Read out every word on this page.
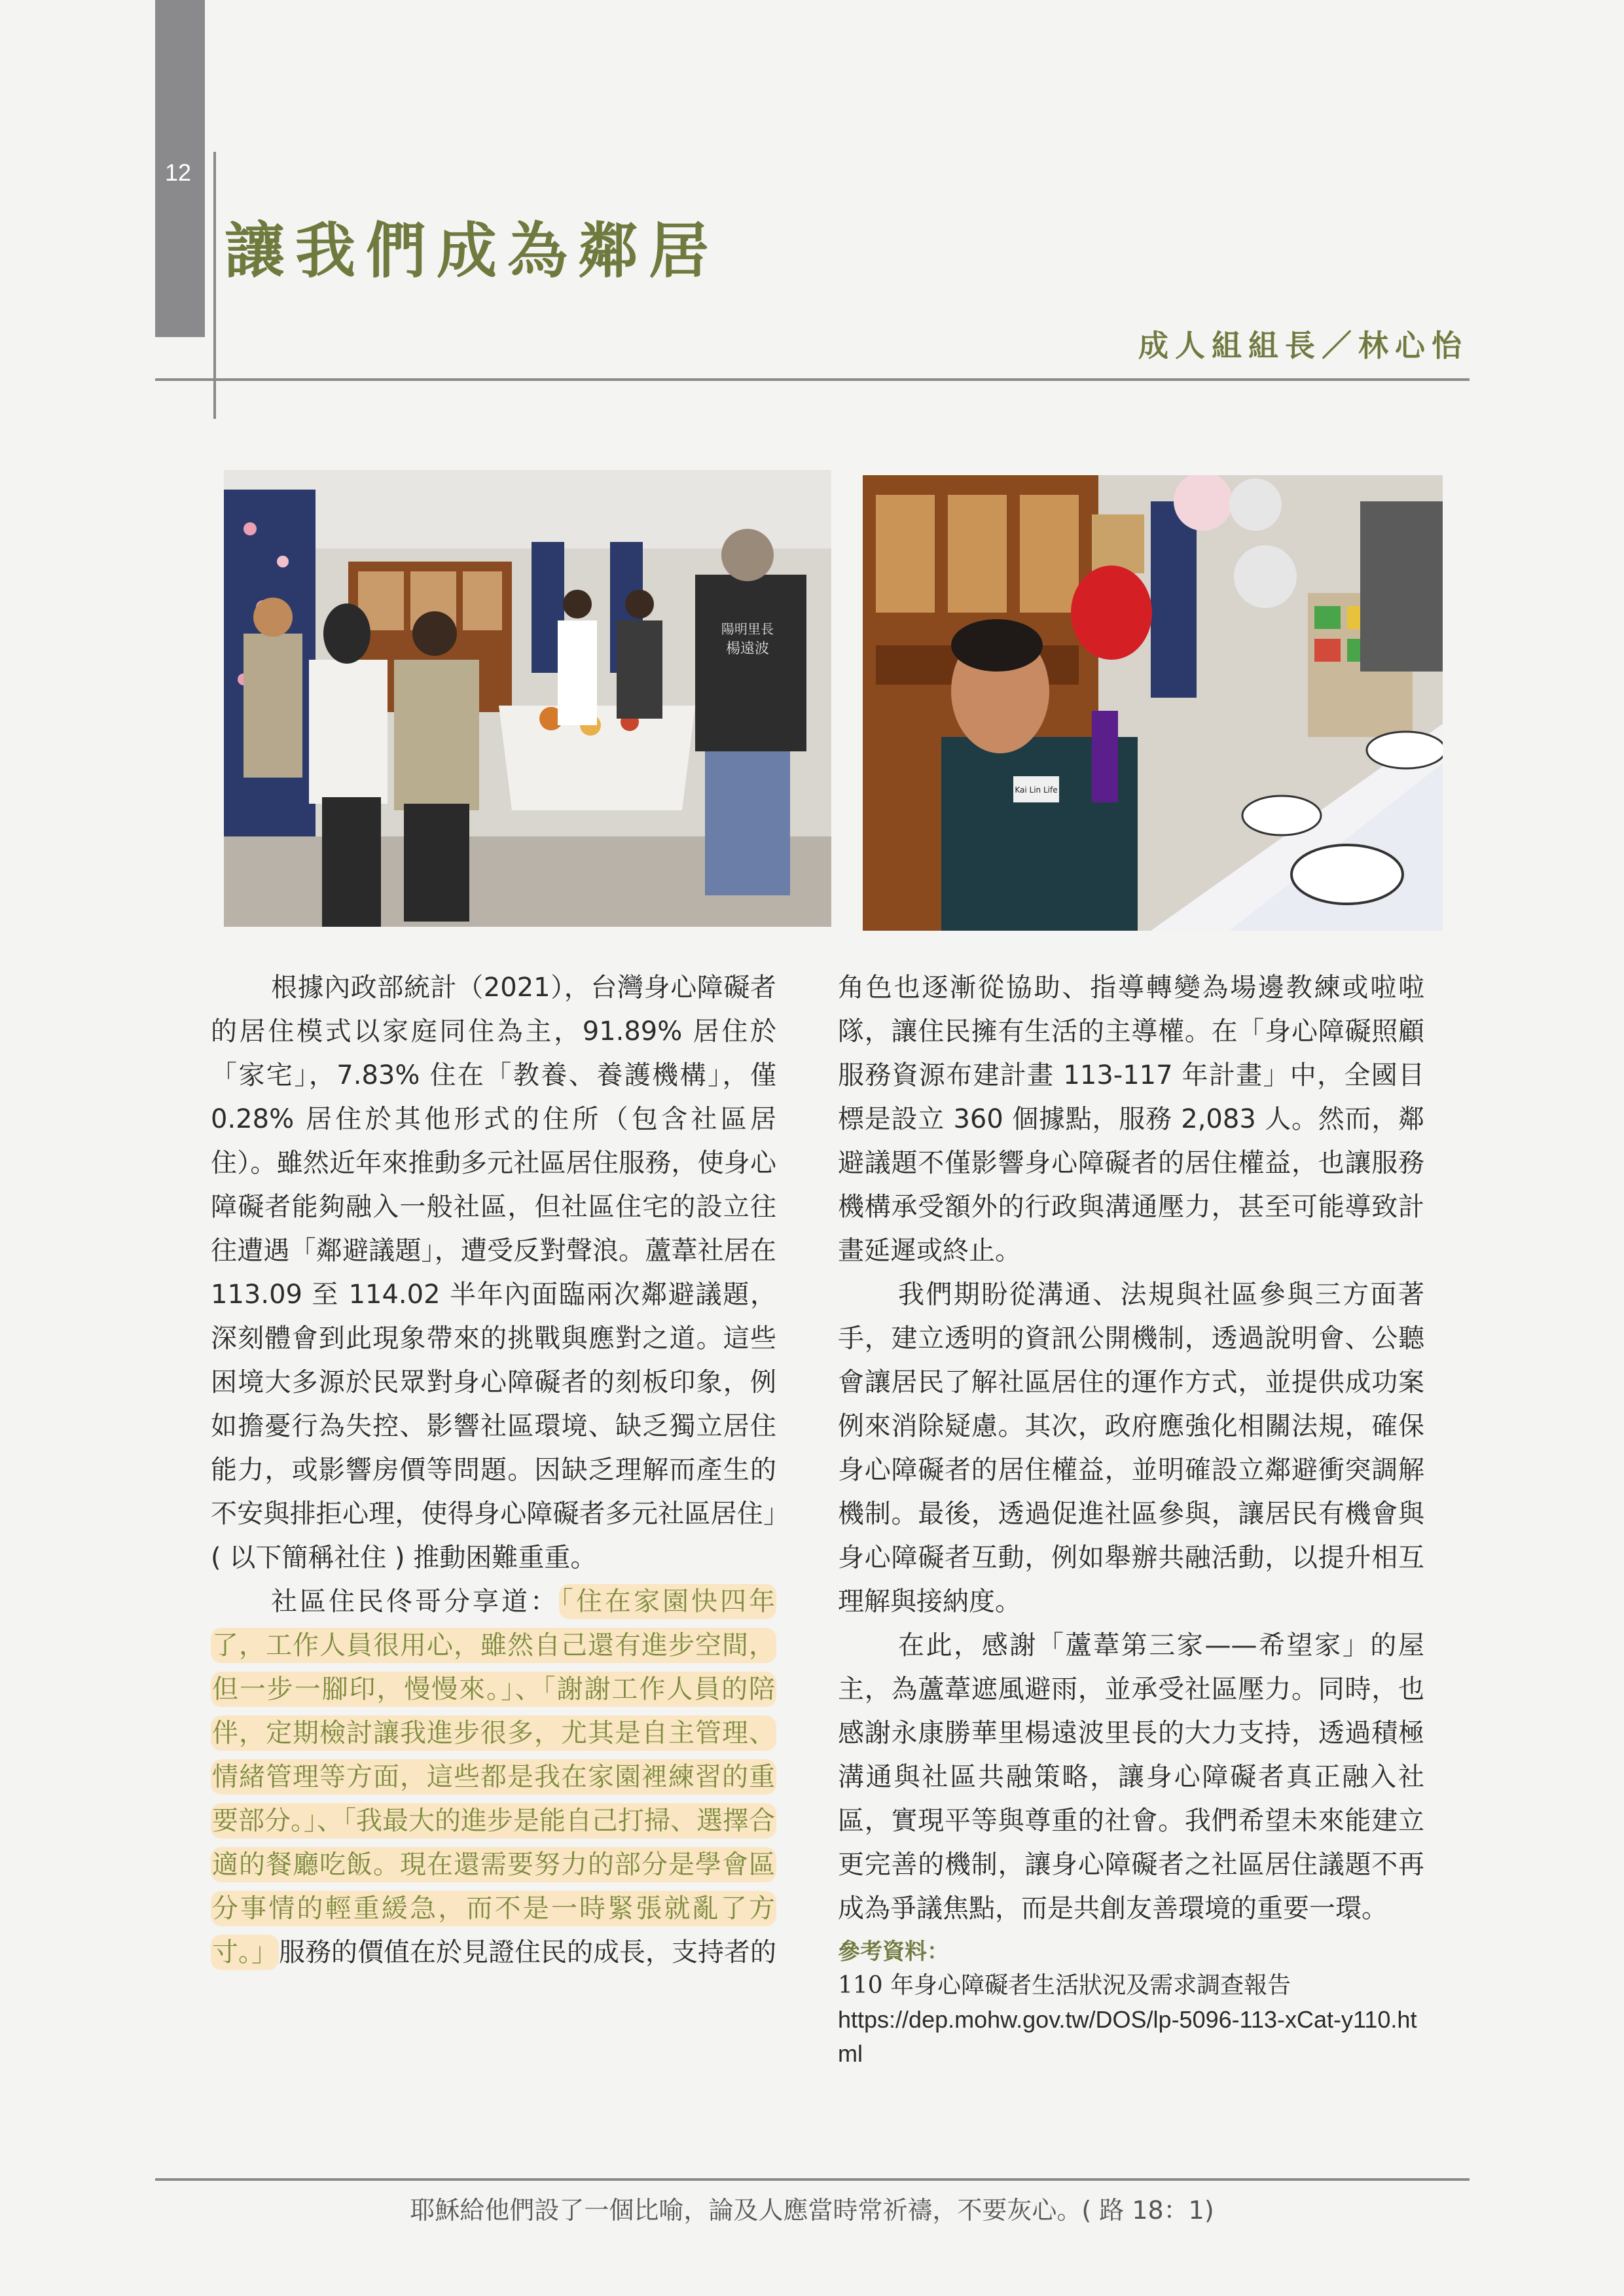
12
讓我們成為鄰居
成人組組長／林心怡
陽明里長
楊遠波
Kai Lin Life

根據內政部統計（2021），台灣身心障礙者的居住模式以家庭同住為主，91.89% 居住於「家宅」，7.83% 住在「教養、養護機構」，僅 0.28% 居住於其他形式的住所（包含社區居住）。雖然近年來推動多元社區居住服務，使身心障礙者能夠融入一般社區，但社區住宅的設立往往遭遇「鄰避議題」，遭受反對聲浪。蘆葦社居在 113.09 至 114.02 半年內面臨兩次鄰避議題，深刻體會到此現象帶來的挑戰與應對之道。這些困境大多源於民眾對身心障礙者的刻板印象，例如擔憂行為失控、影響社區環境、缺乏獨立居住能力，或影響房價等問題。因缺乏理解而產生的不安與排拒心理，使得身心障礙者多元社區居住」( 以下簡稱社住 ) 推動困難重重。

社區住民佟哥分享道：「住在家園快四年了，工作人員很用心，雖然自己還有進步空間，但一步一腳印，慢慢來。」、「謝謝工作人員的陪伴，定期檢討讓我進步很多，尤其是自主管理、情緒管理等方面，這些都是我在家園裡練習的重要部分。」、「我最大的進步是能自己打掃、選擇合適的餐廳吃飯。現在還需要努力的部分是學會區分事情的輕重緩急，而不是一時緊張就亂了方寸。」服務的價值在於見證住民的成長，支持者的

角色也逐漸從協助、指導轉變為場邊教練或啦啦隊，讓住民擁有生活的主導權。在「身心障礙照顧服務資源布建計畫 113-117 年計畫」中，全國目標是設立 360 個據點，服務 2,083 人。然而，鄰避議題不僅影響身心障礙者的居住權益，也讓服務機構承受額外的行政與溝通壓力，甚至可能導致計畫延遲或終止。

我們期盼從溝通、法規與社區參與三方面著手，建立透明的資訊公開機制，透過說明會、公聽會讓居民了解社區居住的運作方式，並提供成功案例來消除疑慮。其次，政府應強化相關法規，確保身心障礙者的居住權益，並明確設立鄰避衝突調解機制。最後，透過促進社區參與，讓居民有機會與身心障礙者互動，例如舉辦共融活動，以提升相互理解與接納度。

在此，感謝「蘆葦第三家——希望家」的屋主，為蘆葦遮風避雨，並承受社區壓力。同時，也感謝永康勝華里楊遠波里長的大力支持，透過積極溝通與社區共融策略，讓身心障礙者真正融入社區，實現平等與尊重的社會。我們希望未來能建立更完善的機制，讓身心障礙者之社區居住議題不再成為爭議焦點，而是共創友善環境的重要一環。

參考資料：
110 年身心障礙者生活狀況及需求調查報告
https://dep.mohw.gov.tw/DOS/lp-5096-113-xCat-y110.html
耶穌給他們設了一個比喻，論及人應當時常祈禱，不要灰心。( 路 18：1)
